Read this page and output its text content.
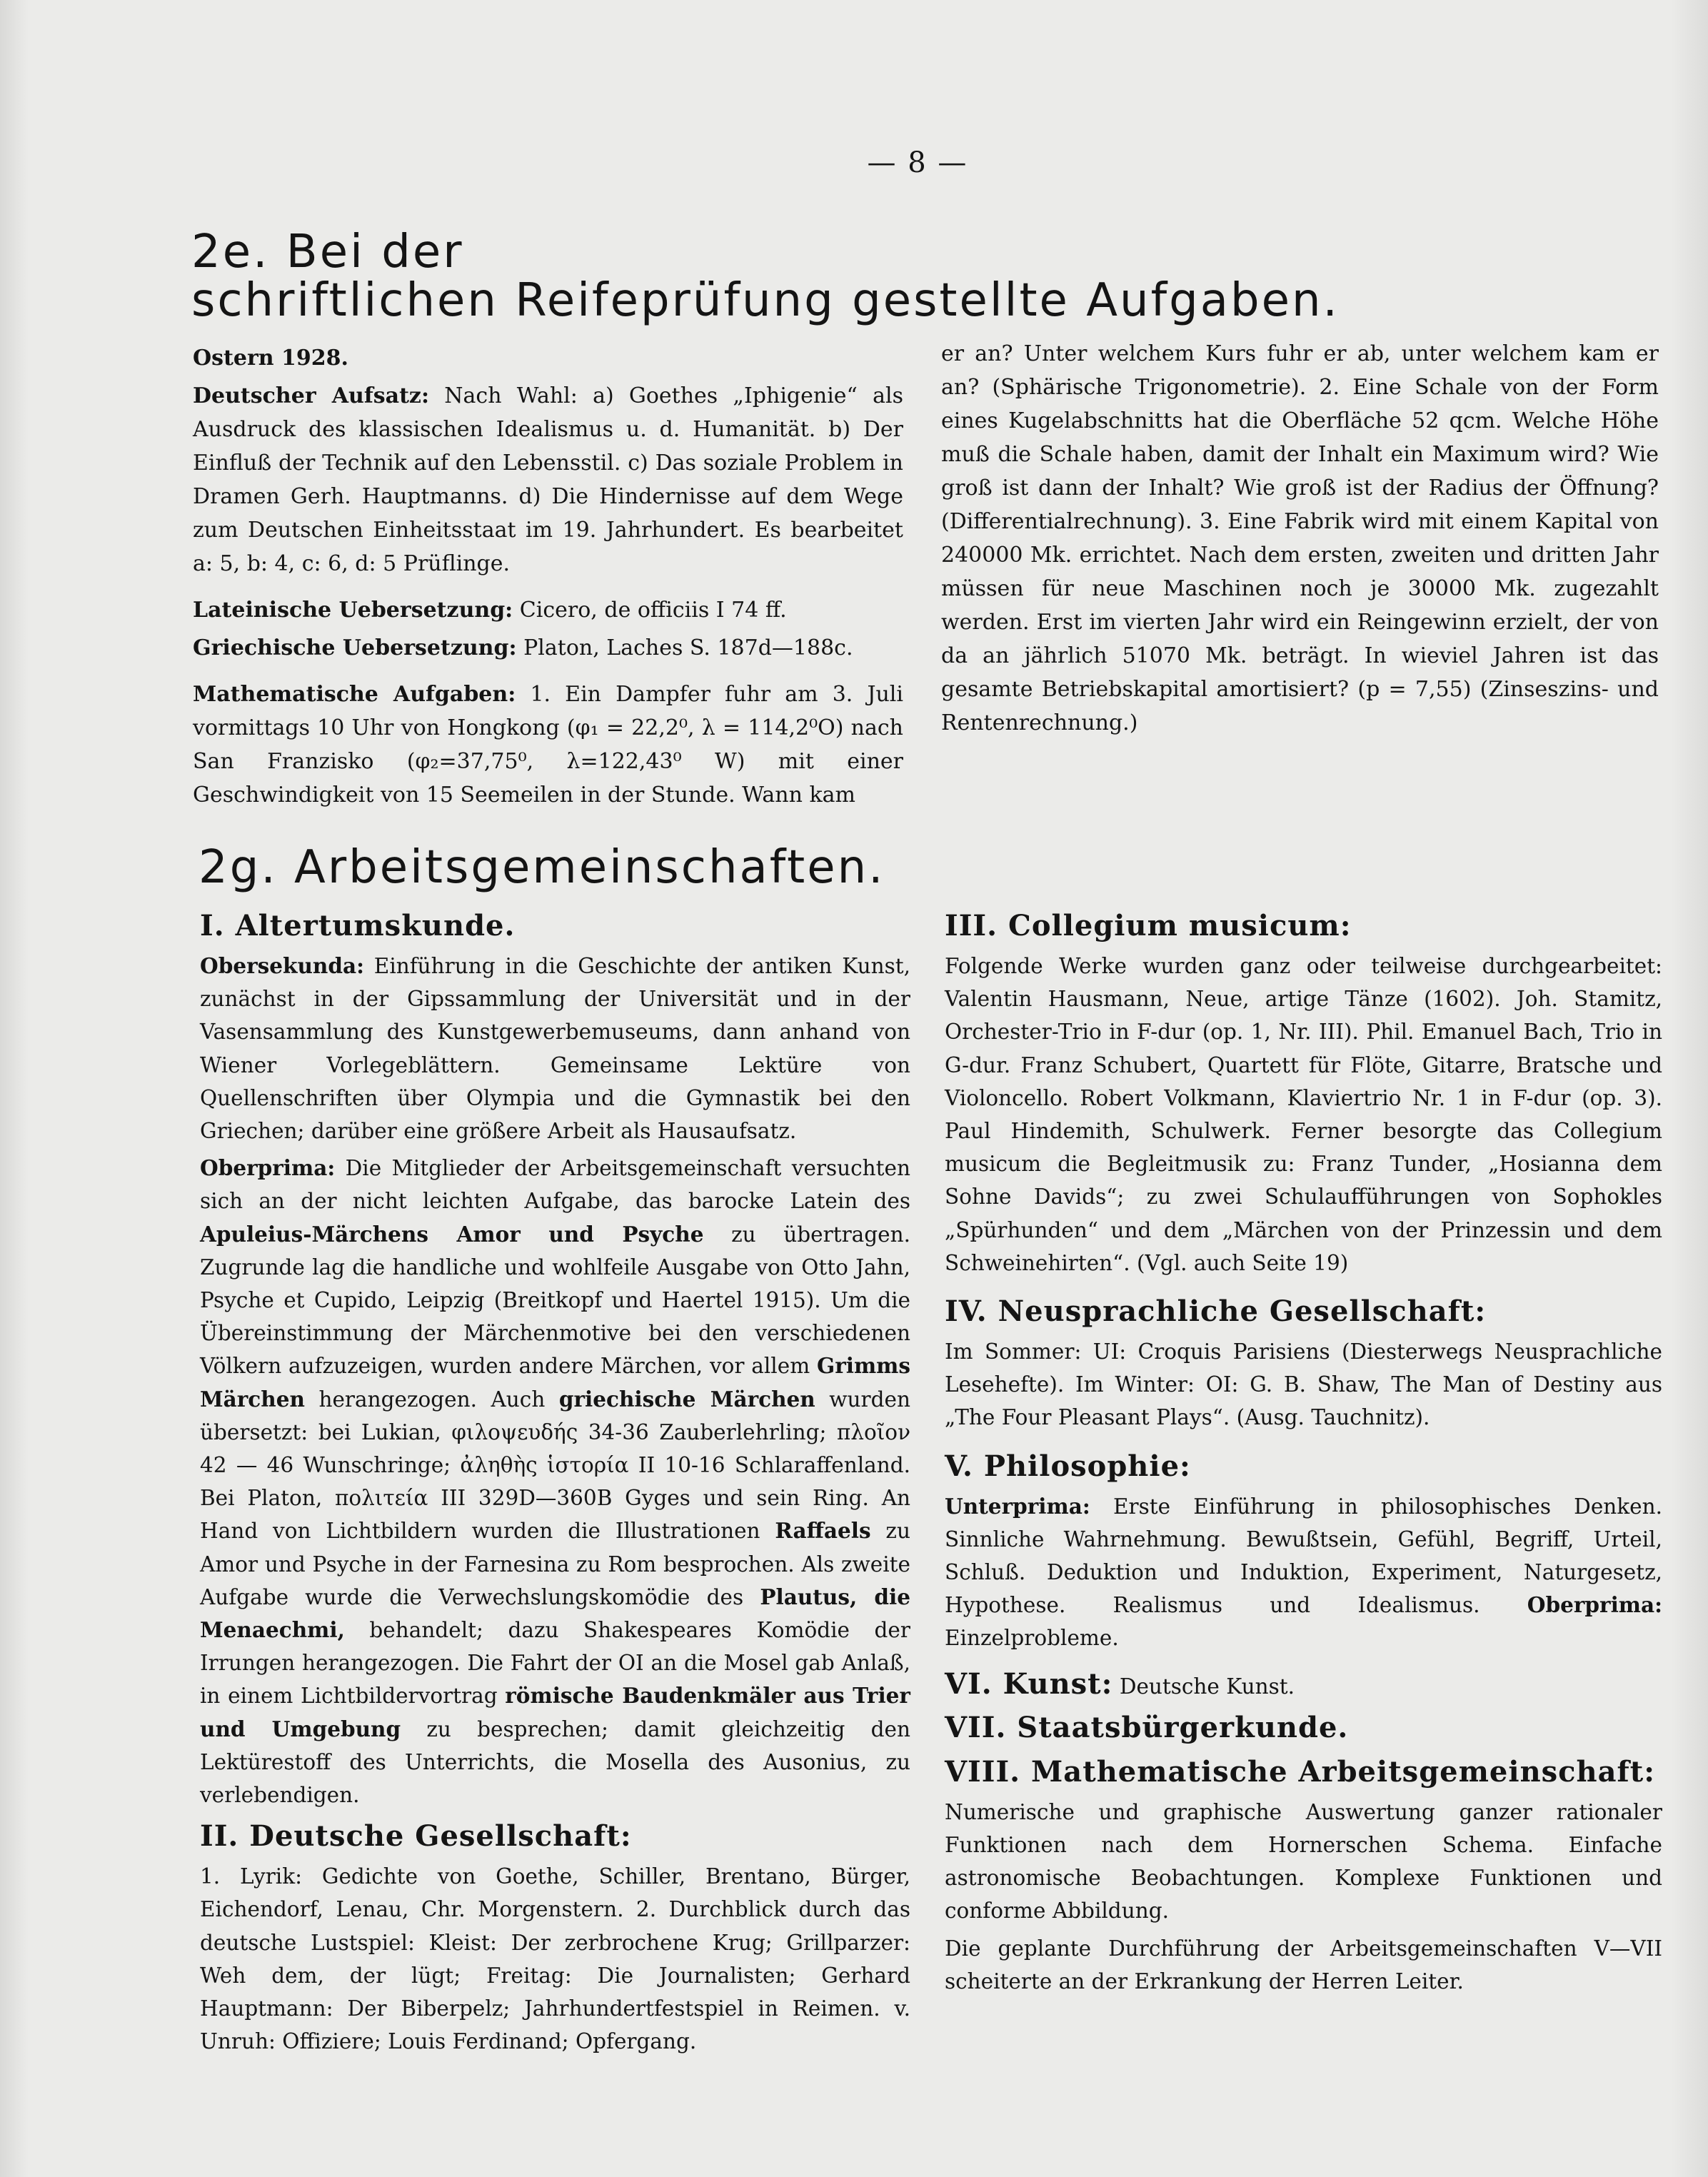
— 8 —
2e. Bei der
schriftlichen Reifeprüfung gestellte Aufgaben.

Ostern 1928.

Deutscher Aufsatz: Nach Wahl: a) Goethes „Iphigenie“ als Ausdruck des klassischen Idealismus u. d. Humanität. b) Der Einfluß der Technik auf den Lebensstil. c) Das soziale Problem in Dramen Gerh. Hauptmanns. d) Die Hindernisse auf dem Wege zum Deutschen Einheitsstaat im 19. Jahrhundert. Es bearbeitet a: 5, b: 4, c: 6, d: 5 Prüflinge.

Lateinische Uebersetzung: Cicero, de officiis I 74 ff.

Griechische Uebersetzung: Platon, Laches S. 187d—188c.

Mathematische Aufgaben: 1. Ein Dampfer fuhr am 3. Juli vormittags 10 Uhr von Hongkong (φ₁ = 22,2⁰, λ = 114,2⁰O) nach San Franzisko (φ₂=37,75⁰, λ=122,43⁰ W) mit einer Geschwindigkeit von 15 Seemeilen in der Stunde. Wann kam

er an? Unter welchem Kurs fuhr er ab, unter welchem kam er an? (Sphärische Trigonometrie). 2. Eine Schale von der Form eines Kugelabschnitts hat die Oberfläche 52 qcm. Welche Höhe muß die Schale haben, damit der Inhalt ein Maximum wird? Wie groß ist dann der Inhalt? Wie groß ist der Radius der Öffnung? (Differentialrechnung). 3. Eine Fabrik wird mit einem Kapital von 240000 Mk. errichtet. Nach dem ersten, zweiten und dritten Jahr müssen für neue Maschinen noch je 30000 Mk. zugezahlt werden. Erst im vierten Jahr wird ein Reingewinn erzielt, der von da an jährlich 51070 Mk. beträgt. In wieviel Jahren ist das gesamte Betriebskapital amortisiert? (p = 7,55) (Zinseszins- und Rentenrechnung.)

2g. Arbeitsgemeinschaften.
I. Altertumskunde.

Obersekunda: Einführung in die Geschichte der antiken Kunst, zunächst in der Gipssammlung der Universität und in der Vasensammlung des Kunstgewerbemuseums, dann anhand von Wiener Vorlegeblättern. Gemeinsame Lektüre von Quellenschriften über Olympia und die Gymnastik bei den Griechen; darüber eine größere Arbeit als Hausaufsatz.

Oberprima: Die Mitglieder der Arbeitsgemeinschaft versuchten sich an der nicht leichten Aufgabe, das barocke Latein des Apuleius-Märchens Amor und Psyche zu übertragen. Zugrunde lag die handliche und wohlfeile Ausgabe von Otto Jahn, Psyche et Cupido, Leipzig (Breitkopf und Haertel 1915). Um die Übereinstimmung der Märchenmotive bei den verschiedenen Völkern aufzuzeigen, wurden andere Märchen, vor allem Grimms Märchen herangezogen. Auch griechische Märchen wurden übersetzt: bei Lukian, φιλοψευδής 34-36 Zauberlehrling; πλοῖον 42 — 46 Wunschringe; ἀληθὴς ἱστορία II 10-16 Schlaraffenland. Bei Platon, πολιτεία III 329D—360B Gyges und sein Ring. An Hand von Lichtbildern wurden die Illustrationen Raffaels zu Amor und Psyche in der Farnesina zu Rom besprochen. Als zweite Aufgabe wurde die Verwechslungskomödie des Plautus, die Menaechmi, behandelt; dazu Shakespeares Komödie der Irrungen herangezogen. Die Fahrt der OI an die Mosel gab Anlaß, in einem Lichtbildervortrag römische Baudenkmäler aus Trier und Umgebung zu besprechen; damit gleichzeitig den Lektürestoff des Unterrichts, die Mosella des Ausonius, zu verlebendigen.

II. Deutsche Gesellschaft:

1. Lyrik: Gedichte von Goethe, Schiller, Brentano, Bürger, Eichendorf, Lenau, Chr. Morgenstern. 2. Durchblick durch das deutsche Lustspiel: Kleist: Der zerbrochene Krug; Grillparzer: Weh dem, der lügt; Freitag: Die Journalisten; Gerhard Hauptmann: Der Biberpelz; Jahrhundertfestspiel in Reimen. v. Unruh: Offiziere; Louis Ferdinand; Opfergang.

III. Collegium musicum:

Folgende Werke wurden ganz oder teilweise durchgearbeitet: Valentin Hausmann, Neue, artige Tänze (1602). Joh. Stamitz, Orchester-Trio in F-dur (op. 1, Nr. III). Phil. Emanuel Bach, Trio in G-dur. Franz Schubert, Quartett für Flöte, Gitarre, Bratsche und Violoncello. Robert Volkmann, Klaviertrio Nr. 1 in F-dur (op. 3). Paul Hindemith, Schulwerk. Ferner besorgte das Collegium musicum die Begleitmusik zu: Franz Tunder, „Hosianna dem Sohne Davids“; zu zwei Schulaufführungen von Sophokles „Spürhunden“ und dem „Märchen von der Prinzessin und dem Schweinehirten“. (Vgl. auch Seite 19)

IV. Neusprachliche Gesellschaft:

Im Sommer: UI: Croquis Parisiens (Diesterwegs Neusprachliche Lesehefte). Im Winter: OI: G. B. Shaw, The Man of Destiny aus „The Four Pleasant Plays“. (Ausg. Tauchnitz).

V. Philosophie:

Unterprima: Erste Einführung in philosophisches Denken. Sinnliche Wahrnehmung. Bewußtsein, Gefühl, Begriff, Urteil, Schluß. Deduktion und Induktion, Experiment, Naturgesetz, Hypothese. Realismus und Idealismus. Oberprima: Einzelprobleme.

VI. Kunst: Deutsche Kunst.

VII. Staatsbürgerkunde.
VIII. Mathematische Arbeitsgemeinschaft:

Numerische und graphische Auswertung ganzer rationaler Funktionen nach dem Hornerschen Schema. Einfache astronomische Beobachtungen. Komplexe Funktionen und conforme Abbildung.

Die geplante Durchführung der Arbeitsgemeinschaften V—VII scheiterte an der Erkrankung der Herren Leiter.
